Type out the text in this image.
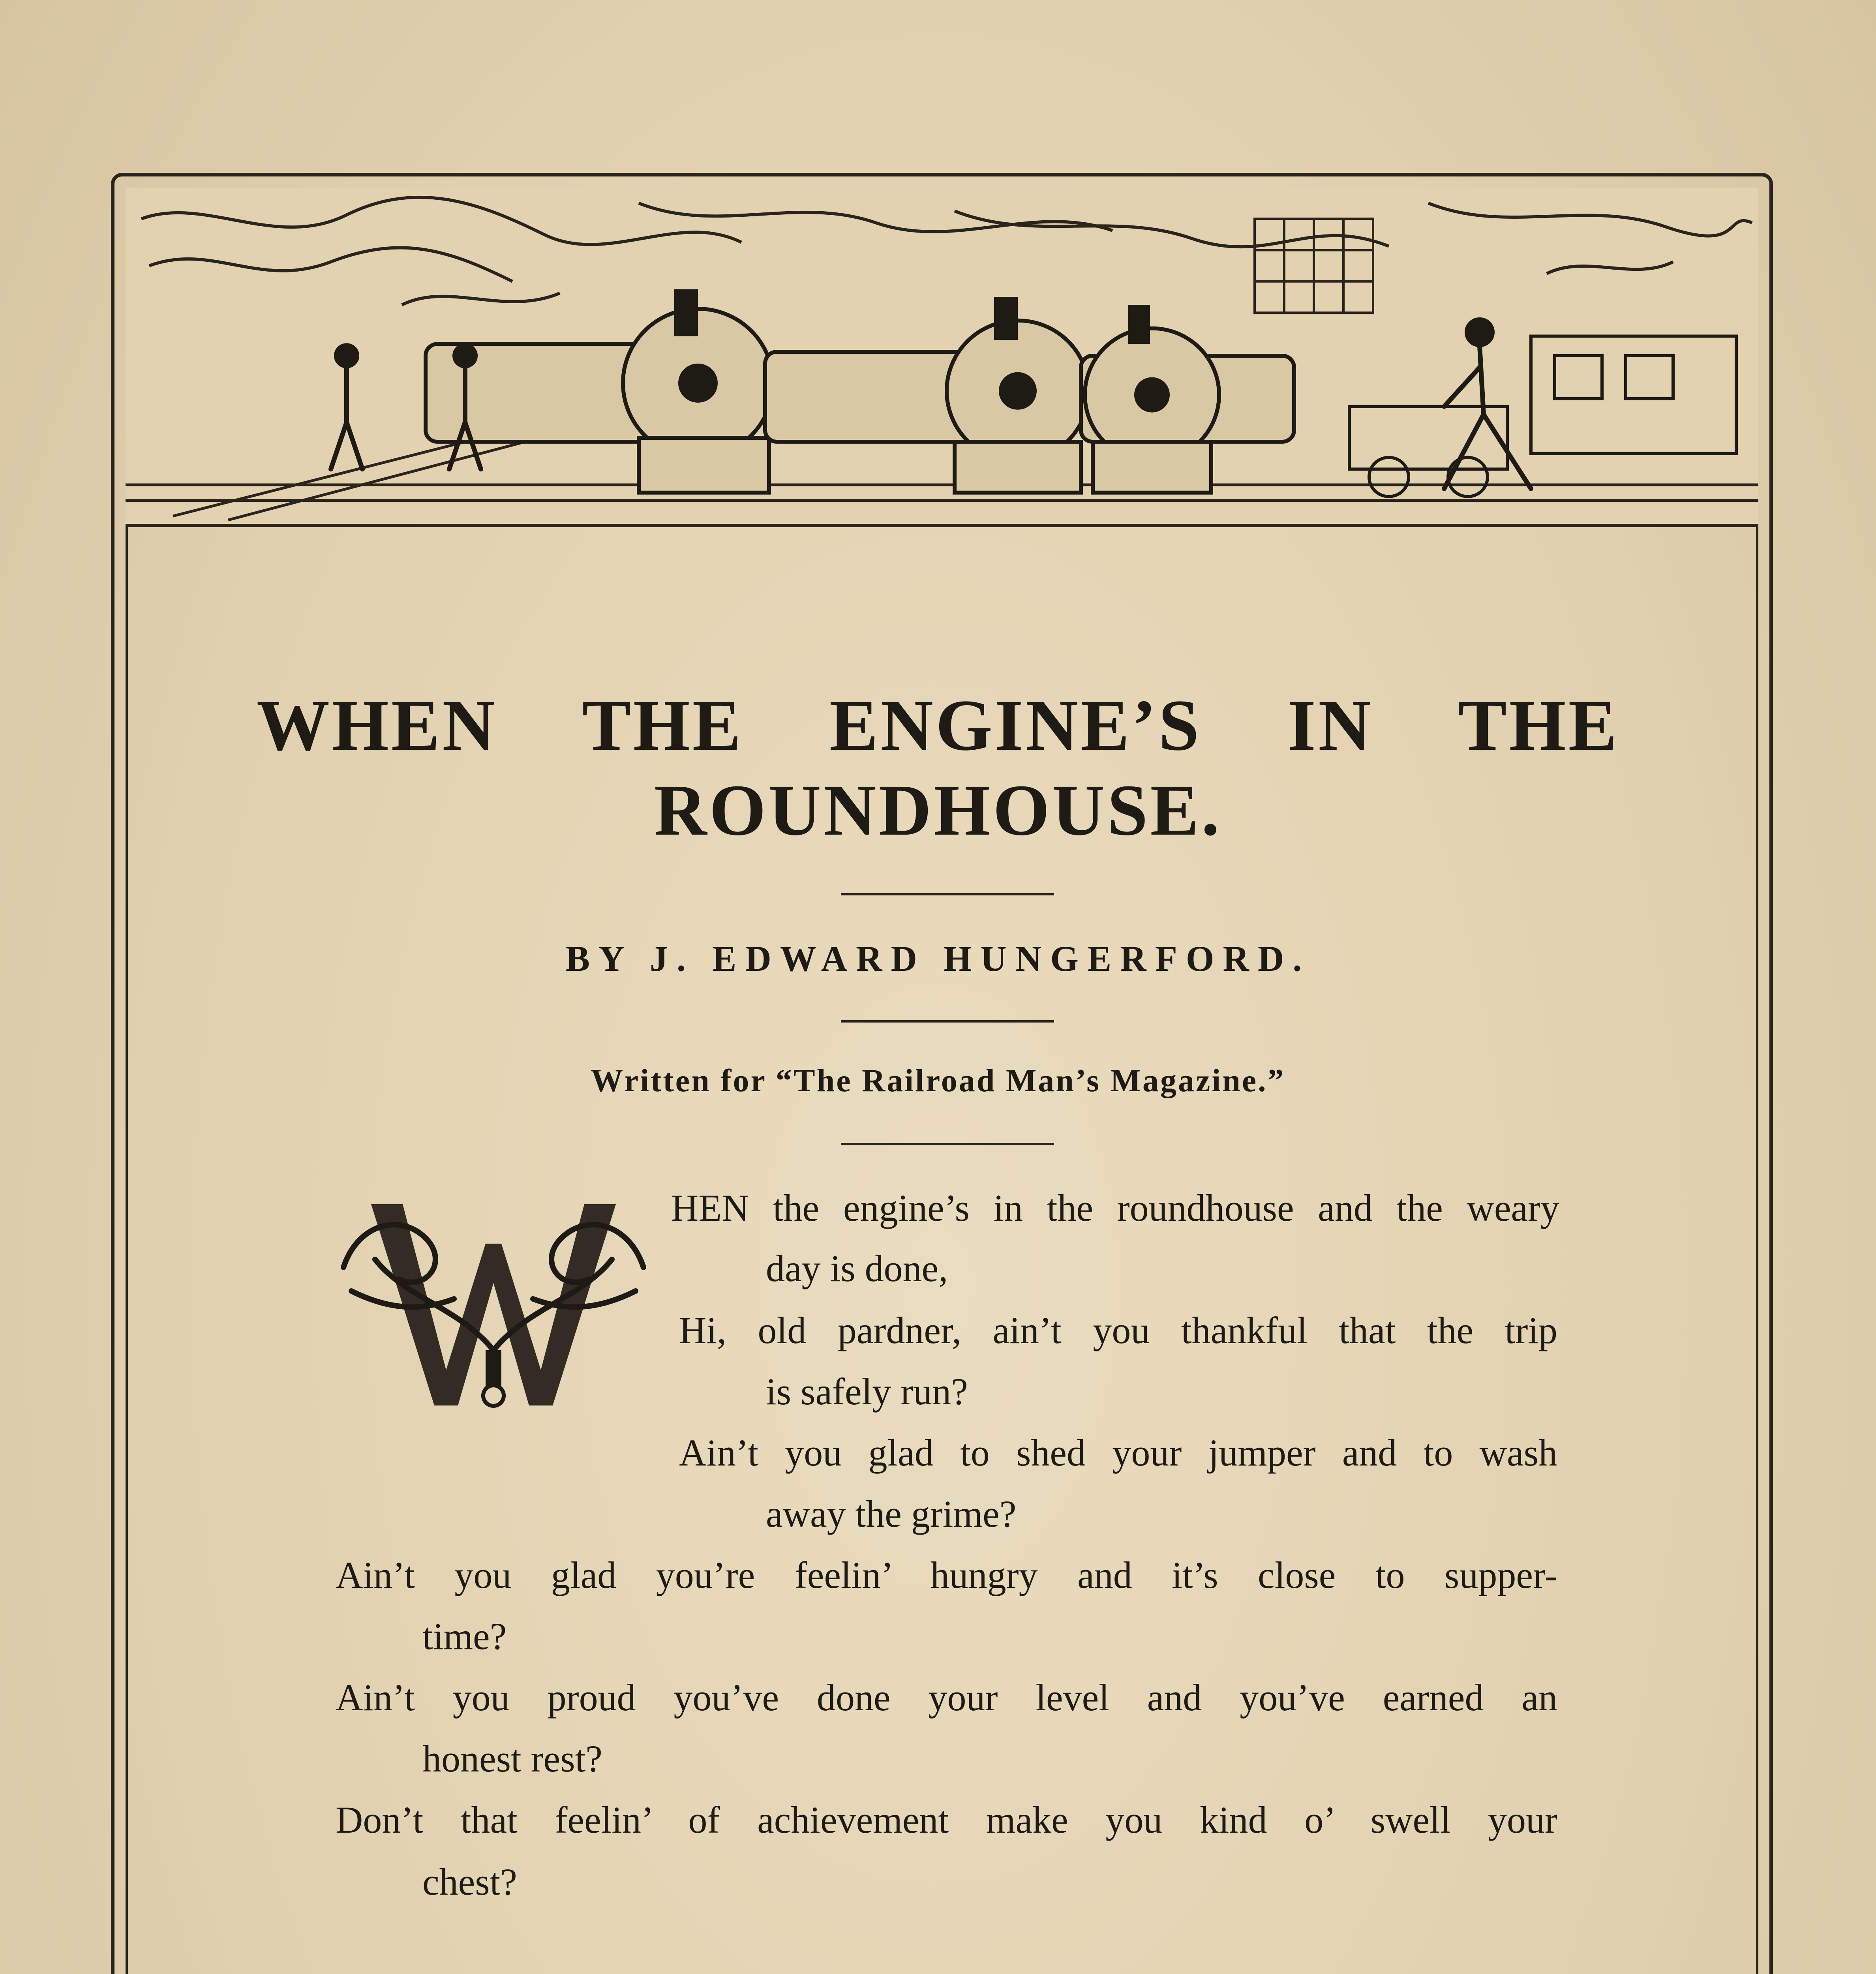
WHEN THE ENGINE’S IN THE
ROUNDHOUSE.

BY J. EDWARD HUNGERFORD.

Written for “The Railroad Man’s Magazine.”

HEN the engine’s in the roundhouse and the weary

day is done,

Hi, old pardner, ain’t you thankful that the trip

is safely run?

Ain’t you glad to shed your jumper and to wash

away the grime?

Ain’t you glad you’re feelin’ hungry and it’s close to supper-

time?

Ain’t you proud you’ve done your level and you’ve earned an

honest rest?

Don’t that feelin’ of achievement make you kind o’ swell your

chest?
